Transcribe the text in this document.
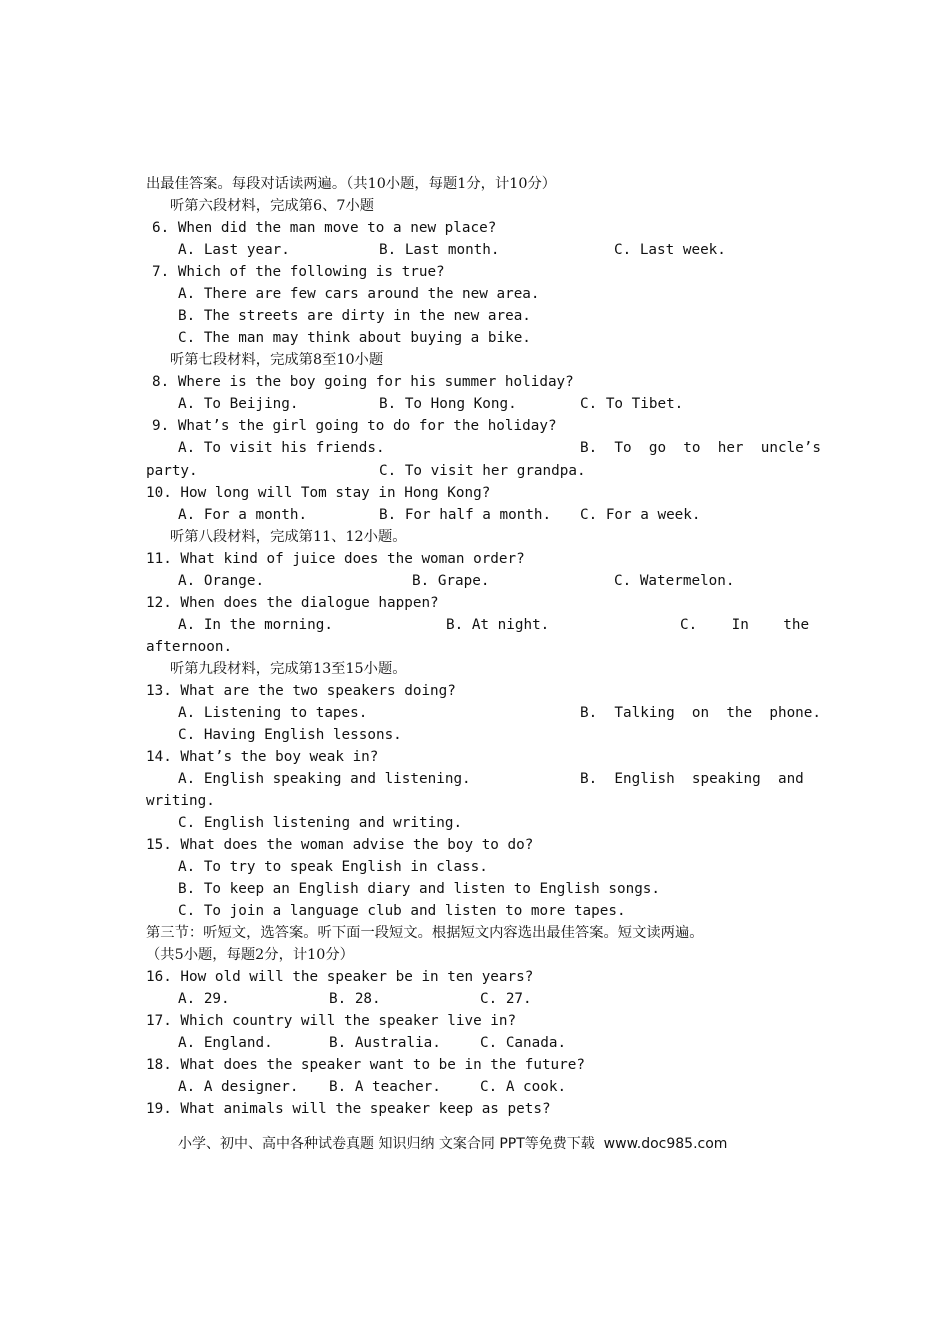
出最佳答案。每段对话读两遍。（共10小题，每题1分，计10分）
听第六段材料，完成第6、7小题
6. When did the man move to a new place?
A. Last year.	B. Last month.	C. Last week.
7. Which of the following is true?
A. There are few cars around the new area.
B. The streets are dirty in the new area.
C. The man may think about buying a bike.
听第七段材料，完成第8至10小题
8. Where is the boy going for his summer holiday?
A. To Beijing.	B. To Hong Kong.	C. To Tibet.
9. What’s the girl going to do for the holiday?
A. To visit his friends.	B.  To  go  to  her  uncle’s
party.	C. To visit her grandpa.
10. How long will Tom stay in Hong Kong?
A. For a month.	B. For half a month. C. For a week.
听第八段材料，完成第11、12小题。
11. What kind of juice does the woman order?
A. Orange.	B. Grape.	C. Watermelon.
12. When does the dialogue happen?
A. In the morning.	B. At night.	C.    In    the
afternoon.
听第九段材料，完成第13至15小题。
13. What are the two speakers doing?
A. Listening to tapes.	B.  Talking  on  the  phone.
C. Having English lessons.
14. What’s the boy weak in?
A. English speaking and listening.	B.  English  speaking  and
writing.
C. English listening and writing.
15. What does the woman advise the boy to do?
A. To try to speak English in class.
B. To keep an English diary and listen to English songs.
C. To join a language club and listen to more tapes.
第三节：听短文，选答案。听下面一段短文。根据短文内容选出最佳答案。短文读两遍。
（共5小题，每题2分，计10分）
16. How old will the speaker be in ten years?
A. 29.	B. 28.	C. 27.
17. Which country will the speaker live in?
A. England.	B. Australia.	C. Canada.
18. What does the speaker want to be in the future?
A. A designer. B. A teacher.	C. A cook.
19. What animals will the speaker keep as pets?
小学、初中、高中各种试卷真题 知识归纳 文案合同 PPT等免费下载  www.doc985.com
